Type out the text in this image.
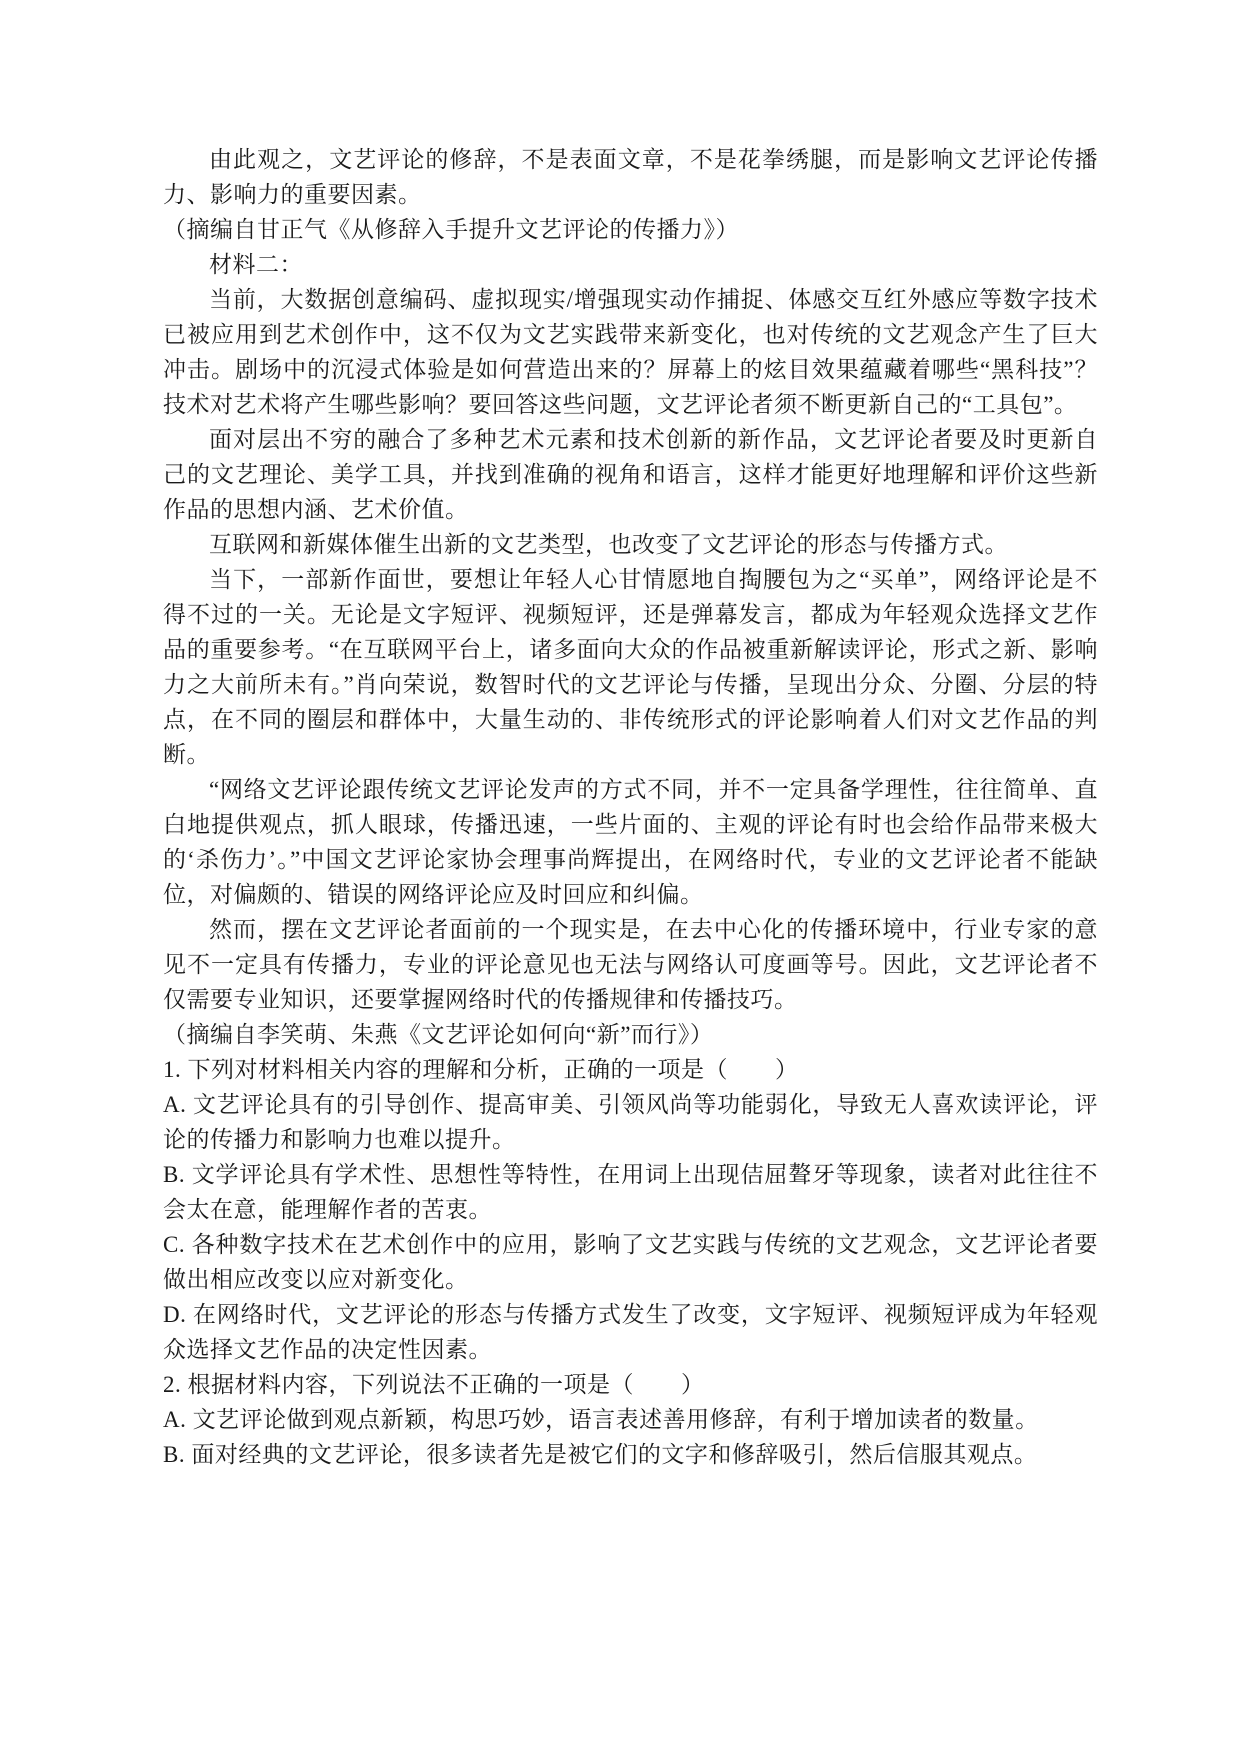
由此观之，文艺评论的修辞，不是表面文章，不是花拳绣腿，而是影响文艺评论传播力、影响力的重要因素。

（摘编自甘正气《从修辞入手提升文艺评论的传播力》）

材料二：

当前，大数据创意编码、虚拟现实/增强现实动作捕捉、体感交互红外感应等数字技术已被应用到艺术创作中，这不仅为文艺实践带来新变化，也对传统的文艺观念产生了巨大冲击。剧场中的沉浸式体验是如何营造出来的？屏幕上的炫目效果蕴藏着哪些“黑科技”？技术对艺术将产生哪些影响？要回答这些问题，文艺评论者须不断更新自己的“工具包”。

面对层出不穷的融合了多种艺术元素和技术创新的新作品，文艺评论者要及时更新自己的文艺理论、美学工具，并找到准确的视角和语言，这样才能更好地理解和评价这些新作品的思想内涵、艺术价值。

互联网和新媒体催生出新的文艺类型，也改变了文艺评论的形态与传播方式。

当下，一部新作面世，要想让年轻人心甘情愿地自掏腰包为之“买单”，网络评论是不得不过的一关。无论是文字短评、视频短评，还是弹幕发言，都成为年轻观众选择文艺作品的重要参考。“在互联网平台上，诸多面向大众的作品被重新解读评论，形式之新、影响力之大前所未有。”肖向荣说，数智时代的文艺评论与传播，呈现出分众、分圈、分层的特点，在不同的圈层和群体中，大量生动的、非传统形式的评论影响着人们对文艺作品的判断。

“网络文艺评论跟传统文艺评论发声的方式不同，并不一定具备学理性，往往简单、直白地提供观点，抓人眼球，传播迅速，一些片面的、主观的评论有时也会给作品带来极大的‘杀伤力’。”中国文艺评论家协会理事尚辉提出，在网络时代，专业的文艺评论者不能缺位，对偏颇的、错误的网络评论应及时回应和纠偏。

然而，摆在文艺评论者面前的一个现实是，在去中心化的传播环境中，行业专家的意见不一定具有传播力，专业的评论意见也无法与网络认可度画等号。因此，文艺评论者不仅需要专业知识，还要掌握网络时代的传播规律和传播技巧。

（摘编自李笑萌、朱燕《文艺评论如何向“新”而行》）

1. 下列对材料相关内容的理解和分析，正确的一项是（　　）

A. 文艺评论具有的引导创作、提高审美、引领风尚等功能弱化，导致无人喜欢读评论，评论的传播力和影响力也难以提升。

B. 文学评论具有学术性、思想性等特性，在用词上出现佶屈聱牙等现象，读者对此往往不会太在意，能理解作者的苦衷。

C. 各种数字技术在艺术创作中的应用，影响了文艺实践与传统的文艺观念，文艺评论者要做出相应改变以应对新变化。

D. 在网络时代，文艺评论的形态与传播方式发生了改变，文字短评、视频短评成为年轻观众选择文艺作品的决定性因素。

2. 根据材料内容，下列说法不正确的一项是（　　）

A. 文艺评论做到观点新颖，构思巧妙，语言表述善用修辞，有利于增加读者的数量。

B. 面对经典的文艺评论，很多读者先是被它们的文字和修辞吸引，然后信服其观点。
